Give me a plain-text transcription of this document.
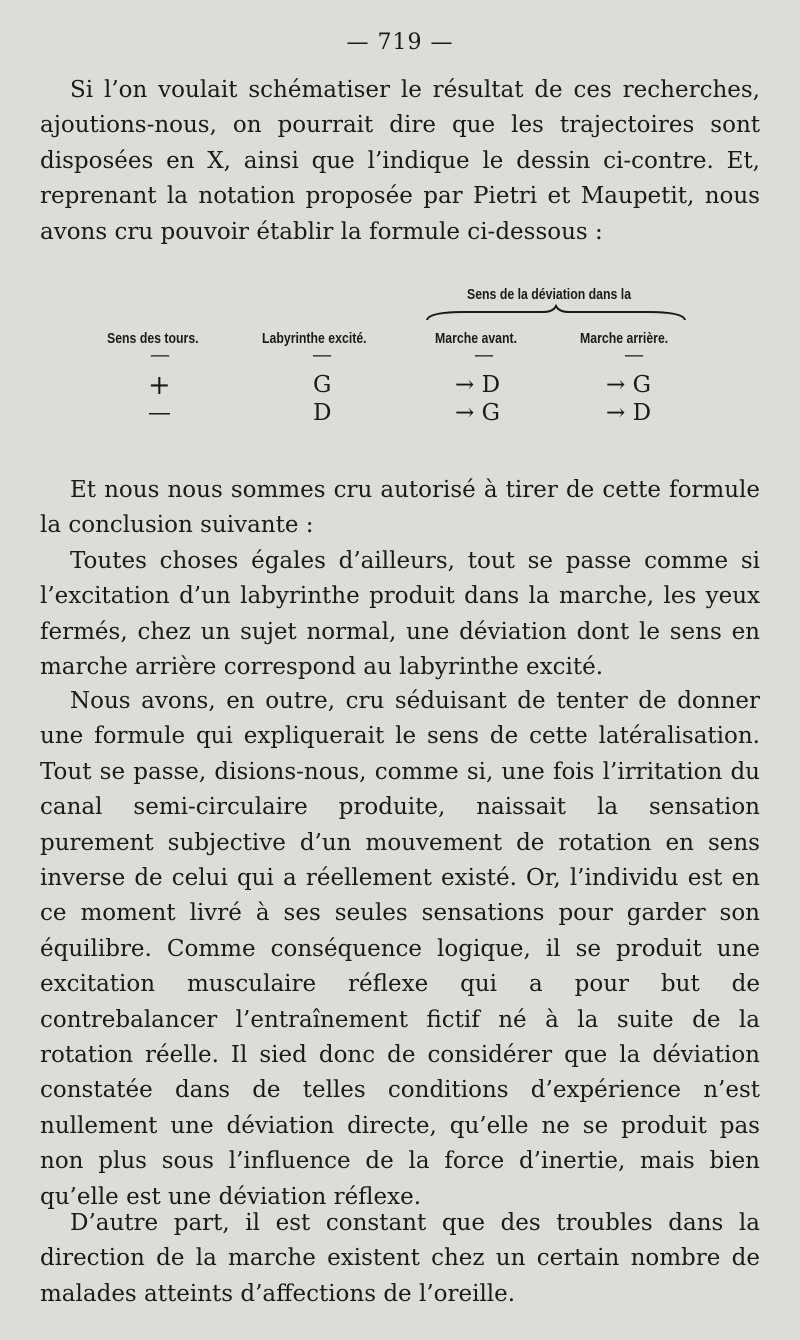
— 719 —

Si l’on voulait schématiser le résultat de ces recherches, ajoutions-nous, on pourrait dire que les trajectoires sont disposées en X, ainsi que l’indique le dessin ci-contre. Et, reprenant la notation proposée par Pietri et Maupetit, nous avons cru pouvoir établir la formule ci-dessous :

Sens de la déviation dans la
Sens des tours.	Labyrinthe excité.	Marche avant.	Marche arrière.
—	—	—	—
+	G	→ D	→ G
—	D	→ G	→ D

Et nous nous sommes cru autorisé à tirer de cette formule la conclusion suivante :

Toutes choses égales d’ailleurs, tout se passe comme si l’excitation d’un labyrinthe produit dans la marche, les yeux fermés, chez un sujet normal, une déviation dont le sens en marche arrière correspond au labyrinthe excité.

Nous avons, en outre, cru séduisant de tenter de donner une formule qui expliquerait le sens de cette latéralisation. Tout se passe, disions-nous, comme si, une fois l’irritation du canal semi-circulaire produite, naissait la sensation purement subjective d’un mouvement de rotation en sens inverse de celui qui a réellement existé. Or, l’individu est en ce moment livré à ses seules sensations pour garder son équilibre. Comme conséquence logique, il se produit une excitation musculaire réflexe qui a pour but de contrebalancer l’entraînement fictif né à la suite de la rotation réelle. Il sied donc de considérer que la déviation constatée dans de telles conditions d’expérience n’est nullement une déviation directe, qu’elle ne se produit pas non plus sous l’influence de la force d’inertie, mais bien qu’elle est une déviation réflexe.

D’autre part, il est constant que des troubles dans la direction de la marche existent chez un certain nombre de malades atteints d’affections de l’oreille.
